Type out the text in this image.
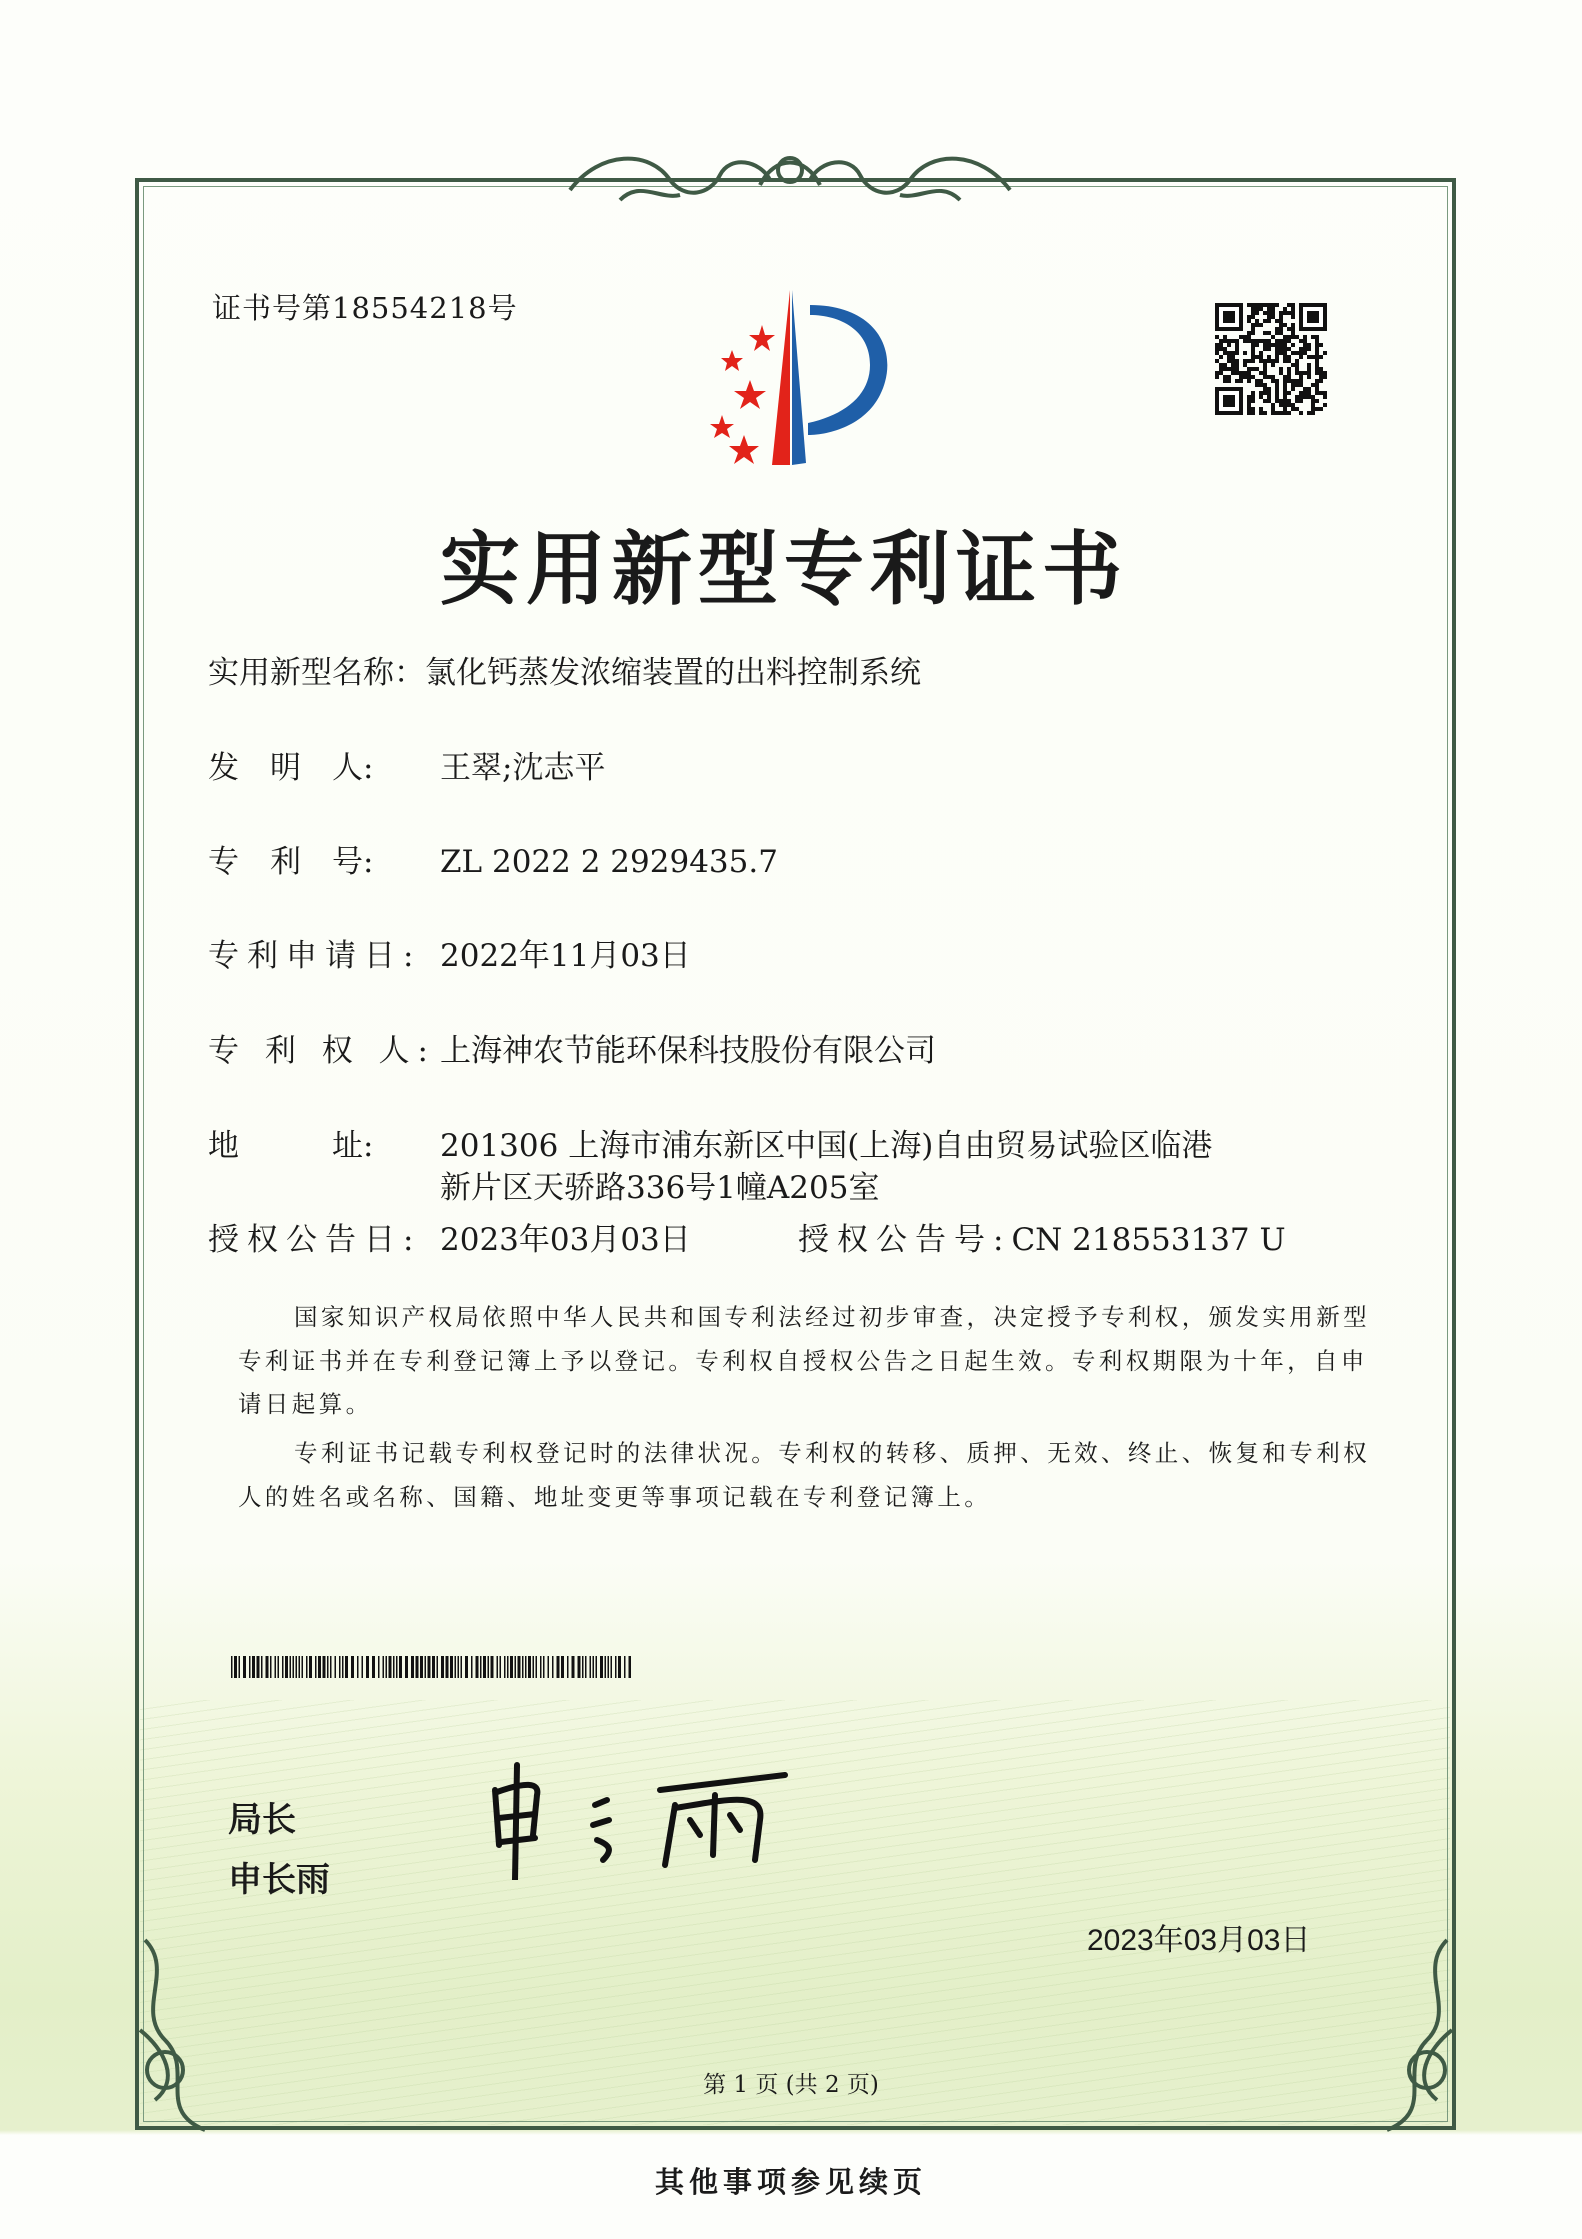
证书号第18554218号
实用新型专利证书
实用新型名称：氯化钙蒸发浓缩装置的出料控制系统
发　明　人: 王翠;沈志平
专　利　号: ZL 2022 2 2929435.7
专利申请日: 2022年11月03日
专 利 权 人: 上海神农节能环保科技股份有限公司
地　　　址: 201306 上海市浦东新区中国(上海)自由贸易试验区临港
新片区天骄路336号1幢A205室
授权公告日: 2023年03月03日	授权公告号:CN 218553137 U
国家知识产权局依照中华人民共和国专利法经过初步审查，决定授予专利权，颁发实用新型专利证书并在专利登记簿上予以登记。专利权自授权公告之日起生效。专利权期限为十年，自申请日起算。
专利证书记载专利权登记时的法律状况。专利权的转移、质押、无效、终止、恢复和专利权人的姓名或名称、国籍、地址变更等事项记载在专利登记簿上。
局长
申长雨
2023年03月03日
第 1 页 (共 2 页)
其他事项参见续页
